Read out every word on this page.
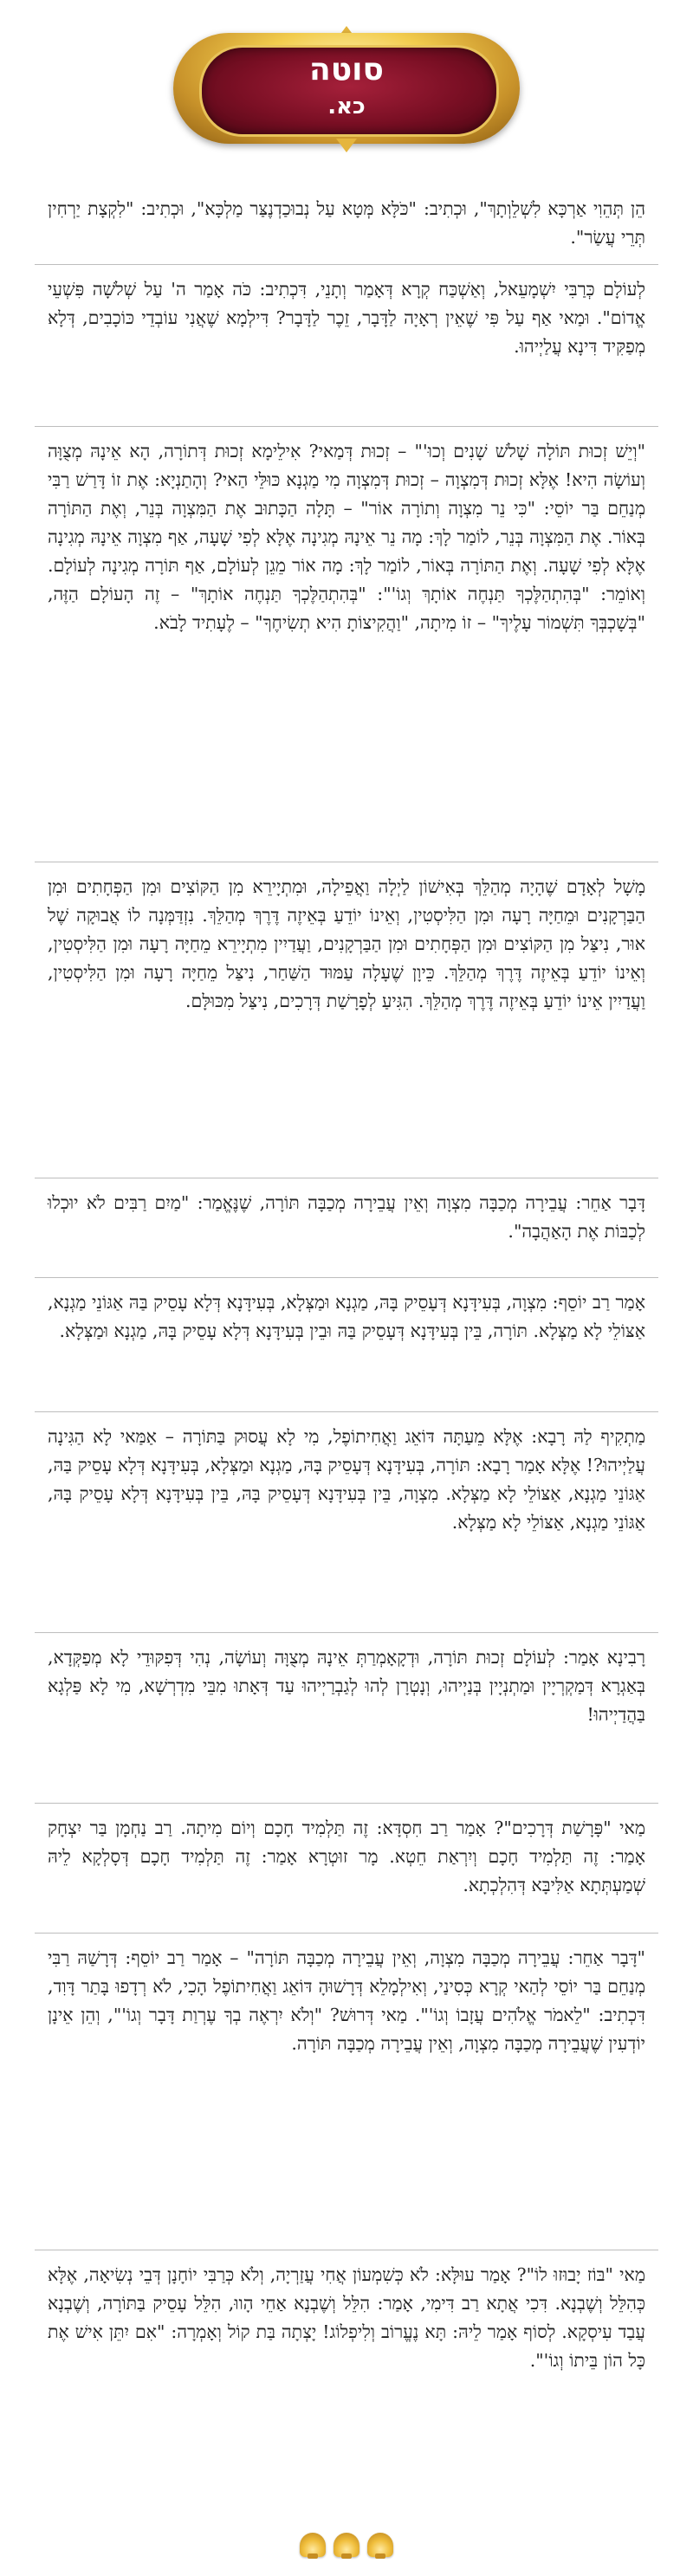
סוטה
כא.

הֵן תְּהֵוִי אַרְכָּא לִשְׁלֵוְתָךְ", וּכְתִיב: "כֹּלָּא מְּטָא עַל נְבוּכַדְנֶצַּר מַלְכָּא", וּכְתִיב: "לִקְצָת יַרְחִין תְּרֵי עֲשַׂר".

לְעוֹלָם כְּרַבִּי יִשְׁמָעֵאל, וְאַשְׁכַּח קְרָא דְּאָמַר וְתָנֵי, דִּכְתִיב: כֹּה אָמַר ה' עַל שְׁלֹשָׁה פִּשְׁעֵי אֱדוֹם". וּמַאי אַף עַל פִּי שֶׁאֵין רְאָיָה לַדָּבָר, זֵכֶר לַדָּבָר? דִּילְמָא שֶׁאֲנִי עוֹבְדֵי כּוֹכָבִים, דְּלָא מְפַקִּיד דִּינָא עֲלַיְיהוּ.

"וְיֵשׁ זְכוּת תּוֹלָה שָׁלֹשׁ שָׁנִים וְכוּ'" – זְכוּת דְּמַאי? אִילֵימָא זְכוּת דְּתוֹרָה, הָא אֵינָהּ מְצֻוָּה וְעוֹשָׂה הִיא! אֶלָּא זְכוּת דְּמִצְוָה – זְכוּת דְּמִצְוָה מִי מַגְנָא כּוּלֵּי הַאי? וְהָתַנְיָא: אֶת זוֹ דָּרַשׁ רַבִּי מְנַחֵם בַּר יוֹסֵי: "כִּי נֵר מִצְוָה וְתוֹרָה אוֹר" – תָּלָה הַכָּתוּב אֶת הַמִּצְוָה בְּנֵר, וְאֶת הַתּוֹרָה בְּאוֹר. אֶת הַמִּצְוָה בְּנֵר, לוֹמַר לָךְ: מָה נֵר אֵינָהּ מְגִינָה אֶלָּא לְפִי שָׁעָה, אַף מִצְוָה אֵינָהּ מְגִינָה אֶלָּא לְפִי שָׁעָה. וְאֶת הַתּוֹרָה בְּאוֹר, לוֹמַר לָךְ: מָה אוֹר מֵגֵן לְעוֹלָם, אַף תּוֹרָה מְגִינָה לְעוֹלָם. וְאוֹמֵר: "בְּהִתְהַלֶּכְךָ תַּנְחֶה אוֹתָךְ וְגוֹ'": "בְּהִתְהַלֶּכְךָ תַּנְחֶה אוֹתָךְ" – זֶה הָעוֹלָם הַזֶּה, "בְּשָׁכְבְּךָ תִּשְׁמוֹר עָלֶיךָ" – זוֹ מִיתָה, "וַהֲקִיצוֹתָ הִיא תְשִׂיחֶךָ" – לֶעָתִיד לָבֹא.

מָשָׁל לְאָדָם שֶׁהָיָה מְהַלֵּךְ בְּאִישׁוֹן לַיְלָה וַאֲפֵילָה, וּמִתְיָירֵא מִן הַקּוֹצִים וּמִן הַפְּחָתִים וּמִן הַבַּרְקָנִים וּמֵחַיָּה רָעָה וּמִן הַלִּיסְטִין, וְאֵינוֹ יוֹדֵעַ בְּאֵיזֶה דֶּרֶךְ מְהַלֵּךְ. נִזְדַּמְּנָה לוֹ אֲבוּקָה שֶׁל אוּר, נִיצַּל מִן הַקּוֹצִים וּמִן הַפְּחָתִים וּמִן הַבַּרְקָנִים, וַעֲדַיִין מִתְיָירֵא מֵחַיָּה רָעָה וּמִן הַלִּיסְטִין, וְאֵינוֹ יוֹדֵעַ בְּאֵיזֶה דֶּרֶךְ מְהַלֵּךְ. כֵּיוָן שֶׁעָלָה עַמּוּד הַשַּׁחַר, נִיצַּל מֵחַיָּה רָעָה וּמִן הַלִּיסְטִין, וַעֲדַיִין אֵינוֹ יוֹדֵעַ בְּאֵיזֶה דֶּרֶךְ מְהַלֵּךְ. הִגִּיעַ לְפָרָשַׁת דְּרָכִים, נִיצַּל מִכּוּלָּם.

דָּבָר אַחֵר: עֲבֵירָה מְכַבָּה מִצְוָה וְאֵין עֲבֵירָה מְכַבָּה תּוֹרָה, שֶׁנֶּאֱמַר: "מַיִם רַבִּים לֹא יוּכְלוּ לְכַבּוֹת אֶת הָאַהֲבָה".

אָמַר רַב יוֹסֵף: מִצְוָה, בְּעִידָּנָא דְּעָסֵיק בָּהּ, מַגְנָא וּמַצְּלָא, בְּעִידָּנָא דְּלָא עָסֵיק בַּהּ אַגּוֹנֵי מַגְנָא, אַצּוֹלֵי לָא מַצְּלָא. תּוֹרָה, בֵּין בְּעִידָּנָא דְּעָסֵיק בַּהּ וּבֵין בְּעִידָּנָא דְּלָא עָסֵיק בָּהּ, מַגְנָא וּמַצְּלָא.

מַתְקִיף לַהּ רָבָא: אֶלָּא מֵעַתָּה דּוֹאֵג וַאֲחִיתוֹפֶל, מִי לָא עֲסוּק בַּתּוֹרָה – אַמַּאי לָא הַגִּינָה עֲלַיְיהוּ?! אֶלָּא אָמַר רָבָא: תּוֹרָה, בְּעִידָּנָא דְּעָסֵיק בָּהּ, מַגְנָא וּמַצְּלָא, בְּעִידָּנָא דְּלָא עָסֵיק בַּהּ, אַגּוֹנֵי מַגְנָא, אַצּוֹלֵי לָא מַצְּלָא. מִצְוָה, בֵּין בְּעִידָּנָא דְּעָסֵיק בָּהּ, בֵּין בְּעִידָּנָא דְּלָא עָסֵיק בָּהּ, אַגּוֹנֵי מַגְנָא, אַצּוֹלֵי לָא מַצְּלָא.

רָבִינָא אָמַר: לְעוֹלָם זְכוּת תּוֹרָה, וּדְקָאָמְרַתְּ אֵינָהּ מְצֻוָּה וְעוֹשָׂה, נְהִי דְּפִקּוּדֵי לָא מְפַקְּדָא, בְּאַגְרָא דְּמַקְרְיָין וּמַתְנְיָין בְּנַיְיהוּ, וְנָטְרָן לְהוּ לְגַבְרַיְיהוּ עַד דְּאָתוּ מִבֵּי מִדְרְשָׁא, מִי לָא פַּלְגָא בַּהֲדַיְיהוּ!

מַאי "פָּרָשַׁת דְּרָכִים"? אָמַר רַב חִסְדָּא: זֶה תַּלְמִיד חָכָם וְיוֹם מִיתָה. רַב נַחְמָן בַּר יִצְחָק אָמַר: זֶה תַּלְמִיד חָכָם וְיִרְאַת חֵטְא. מָר זוּטְרָא אָמַר: זֶה תַּלְמִיד חָכָם דְּסָלְקָא לֵיהּ שְׁמַעְתְּתָא אַלִּיבָּא דְּהִלְכְתָא.

"דָּבָר אַחֵר: עֲבֵירָה מְכַבָּה מִצְוָה, וְאֵין עֲבֵירָה מְכַבָּה תּוֹרָה" – אָמַר רַב יוֹסֵף: דְּרָשַׁהּ רַבִּי מְנַחֵם בַּר יוֹסֵי לְהַאי קְרָא כְּסִינַי, וְאִילְמָלֵא דְּרָשׁוּהָ דּוֹאֵג וַאֲחִיתוֹפֶל הָכִי, לֹא רְדָפוּ בָּתַר דָּוִד, דִּכְתִיב: "לֵאמֹר אֱלֹהִים עֲזָבוֹ וְגוֹ'". מַאי דְּרוּשׁ? "וְלֹא יִרְאֶה בְךָ עֶרְוַת דָּבָר וְגוֹ'", וְהֵן אֵינָן יוֹדְעִין שֶׁעֲבֵירָה מְכַבָּה מִצְוָה, וְאֵין עֲבֵירָה מְכַבָּה תּוֹרָה.

מַאי "בּוֹז יָבוּזוּ לוֹ"? אָמַר עוּלָּא: לֹא כְּשִׁמְעוֹן אֲחִי עֲזַרְיָה, וְלֹא כְּרַבִּי יוֹחָנָן דְּבֵי נְשִׂיאָה, אֶלָּא כְּהִלֵּל וְשֶׁבְנָא. דִּכִי אֲתָא רַב דִּימִי, אָמַר: הִלֵּל וְשֶׁבְנָא אַחֵי הָווּ, הִלֵּל עָסֵיק בַּתּוֹרָה, וְשֶׁבְנָא עֲבַד עִיסְקָא. לְסוֹף אָמַר לֵיהּ: תָּא נֶעֱרוֹב וְלִיפְלוֹג! יָצְתָה בַּת קוֹל וְאָמְרָה: "אִם יִתֵּן אִישׁ אֶת כָּל הוֹן בֵּיתוֹ וְגוֹ'".
